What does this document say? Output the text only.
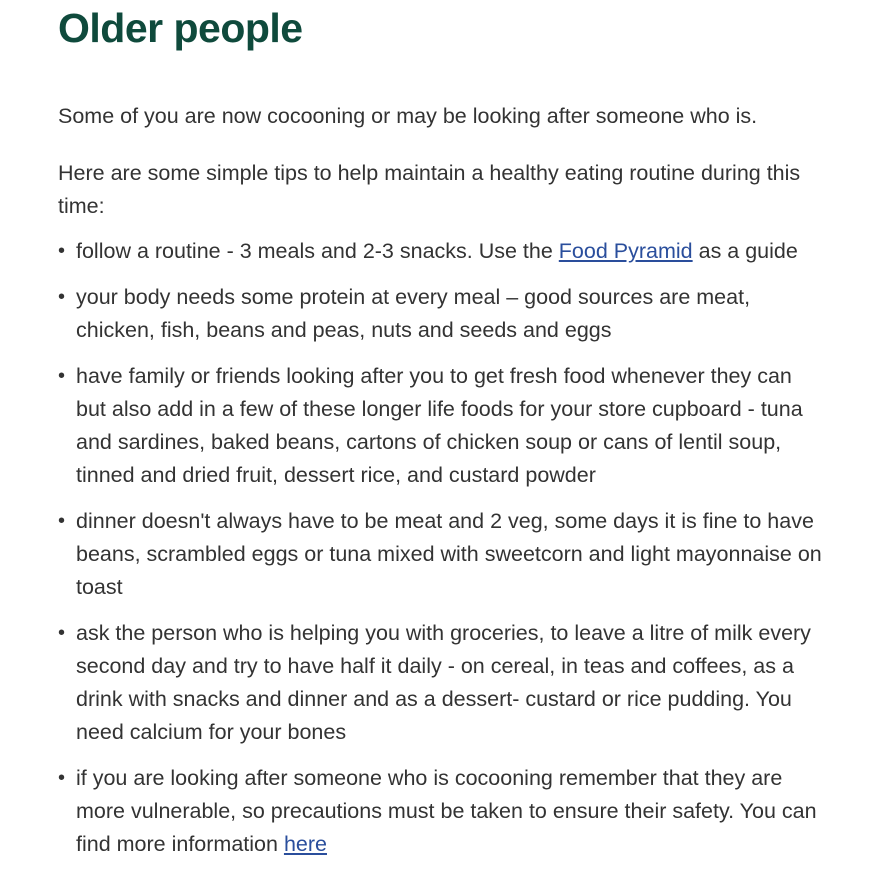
Older people

Some of you are now cocooning or may be looking after someone who is.

Here are some simple tips to help maintain a healthy eating routine during this time:

• follow a routine - 3 meals and 2-3 snacks. Use the Food Pyramid as a guide
• your body needs some protein at every meal – good sources are meat, chicken, fish, beans and peas, nuts and seeds and eggs
• have family or friends looking after you to get fresh food whenever they can but also add in a few of these longer life foods for your store cupboard - tuna and sardines, baked beans, cartons of chicken soup or cans of lentil soup, tinned and dried fruit, dessert rice, and custard powder
• dinner doesn't always have to be meat and 2 veg, some days it is fine to have beans, scrambled eggs or tuna mixed with sweetcorn and light mayonnaise on toast
• ask the person who is helping you with groceries, to leave a litre of milk every second day and try to have half it daily - on cereal, in teas and coffees, as a drink with snacks and dinner and as a dessert- custard or rice pudding. You need calcium for your bones
• if you are looking after someone who is cocooning remember that they are more vulnerable, so precautions must be taken to ensure their safety. You can find more information here
